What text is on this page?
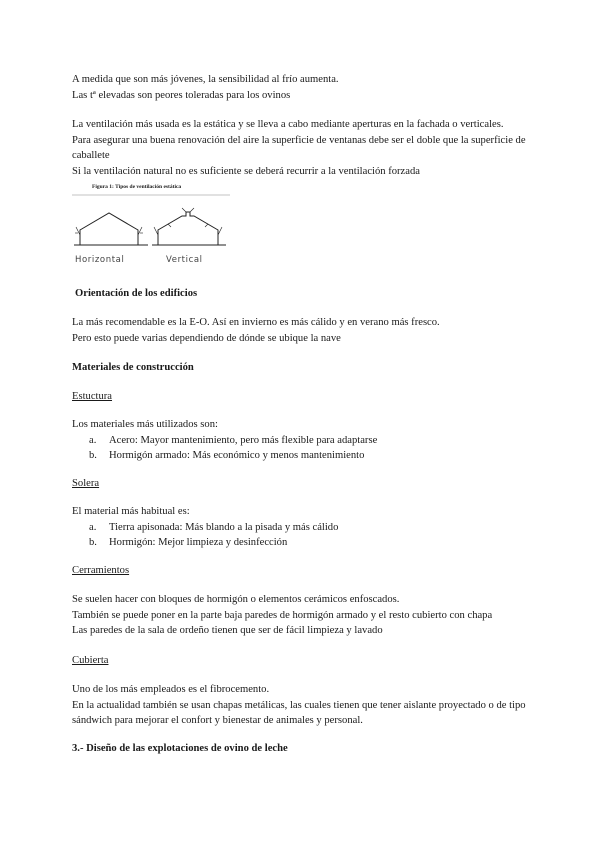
A medida que son más jóvenes, la sensibilidad al frío aumenta.

Las tª elevadas son peores toleradas para los ovinos

La ventilación más usada es la estática y se lleva a cabo mediante aperturas en la fachada o verticales.

Para asegurar una buena renovación del aire la superficie de ventanas debe ser el doble que la superficie de caballete

Si la ventilación natural no es suficiente se deberá recurrir a la ventilación forzada

Figura 1: Tipos de ventilación estática
Horizontal	Vertical
Orientación de los edificios

La más recomendable es la E-O. Así en invierno es más cálido y en verano más fresco.

Pero esto puede varias dependiendo de dónde se ubique la nave

Materiales de construcción
Estuctura

Los materiales más utilizados son:

a. Acero: Mayor mantenimiento, pero más flexible para adaptarse
b. Hormigón armado: Más económico y menos mantenimiento
Solera

El material más habitual es:

a. Tierra apisonada: Más blando a la pisada y más cálido
b. Hormigón: Mejor limpieza y desinfección
Cerramientos

Se suelen hacer con bloques de hormigón o elementos cerámicos enfoscados.

También se puede poner en la parte baja paredes de hormigón armado y el resto cubierto con chapa

Las paredes de la sala de ordeño tienen que ser de fácil limpieza y lavado

Cubierta

Uno de los más empleados es el fibrocemento.

En la actualidad también se usan chapas metálicas, las cuales tienen que tener aislante proyectado o de tipo sándwich para mejorar el confort y bienestar de animales y personal.

3.- Diseño de las explotaciones de ovino de leche
